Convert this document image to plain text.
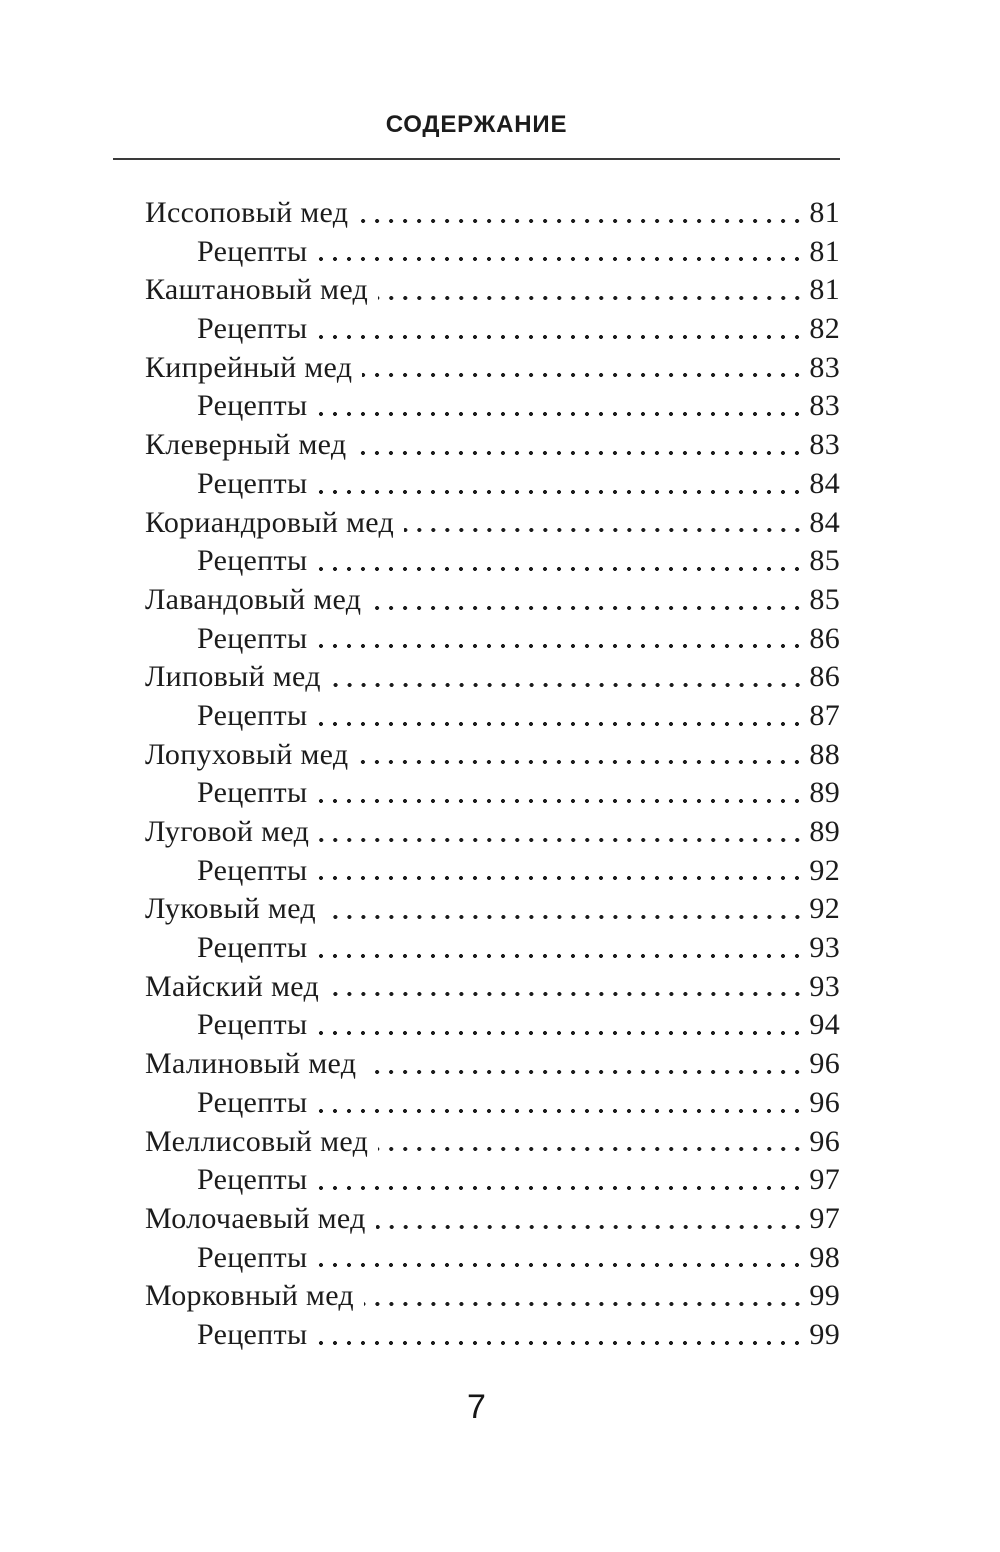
СОДЕРЖАНИЕ
Иссоповый мед	81
Рецепты	81
Каштановый мед	81
Рецепты	82
Кипрейный мед	83
Рецепты	83
Клеверный мед	83
Рецепты	84
Кориандровый мед	84
Рецепты	85
Лавандовый мед	85
Рецепты	86
Липовый мед	86
Рецепты	87
Лопуховый мед	88
Рецепты	89
Луговой мед	89
Рецепты	92
Луковый мед	92
Рецепты	93
Майский мед	93
Рецепты	94
Малиновый мед	96
Рецепты	96
Меллисовый мед	96
Рецепты	97
Молочаевый мед	97
Рецепты	98
Морковный мед	99
Рецепты	99
7
